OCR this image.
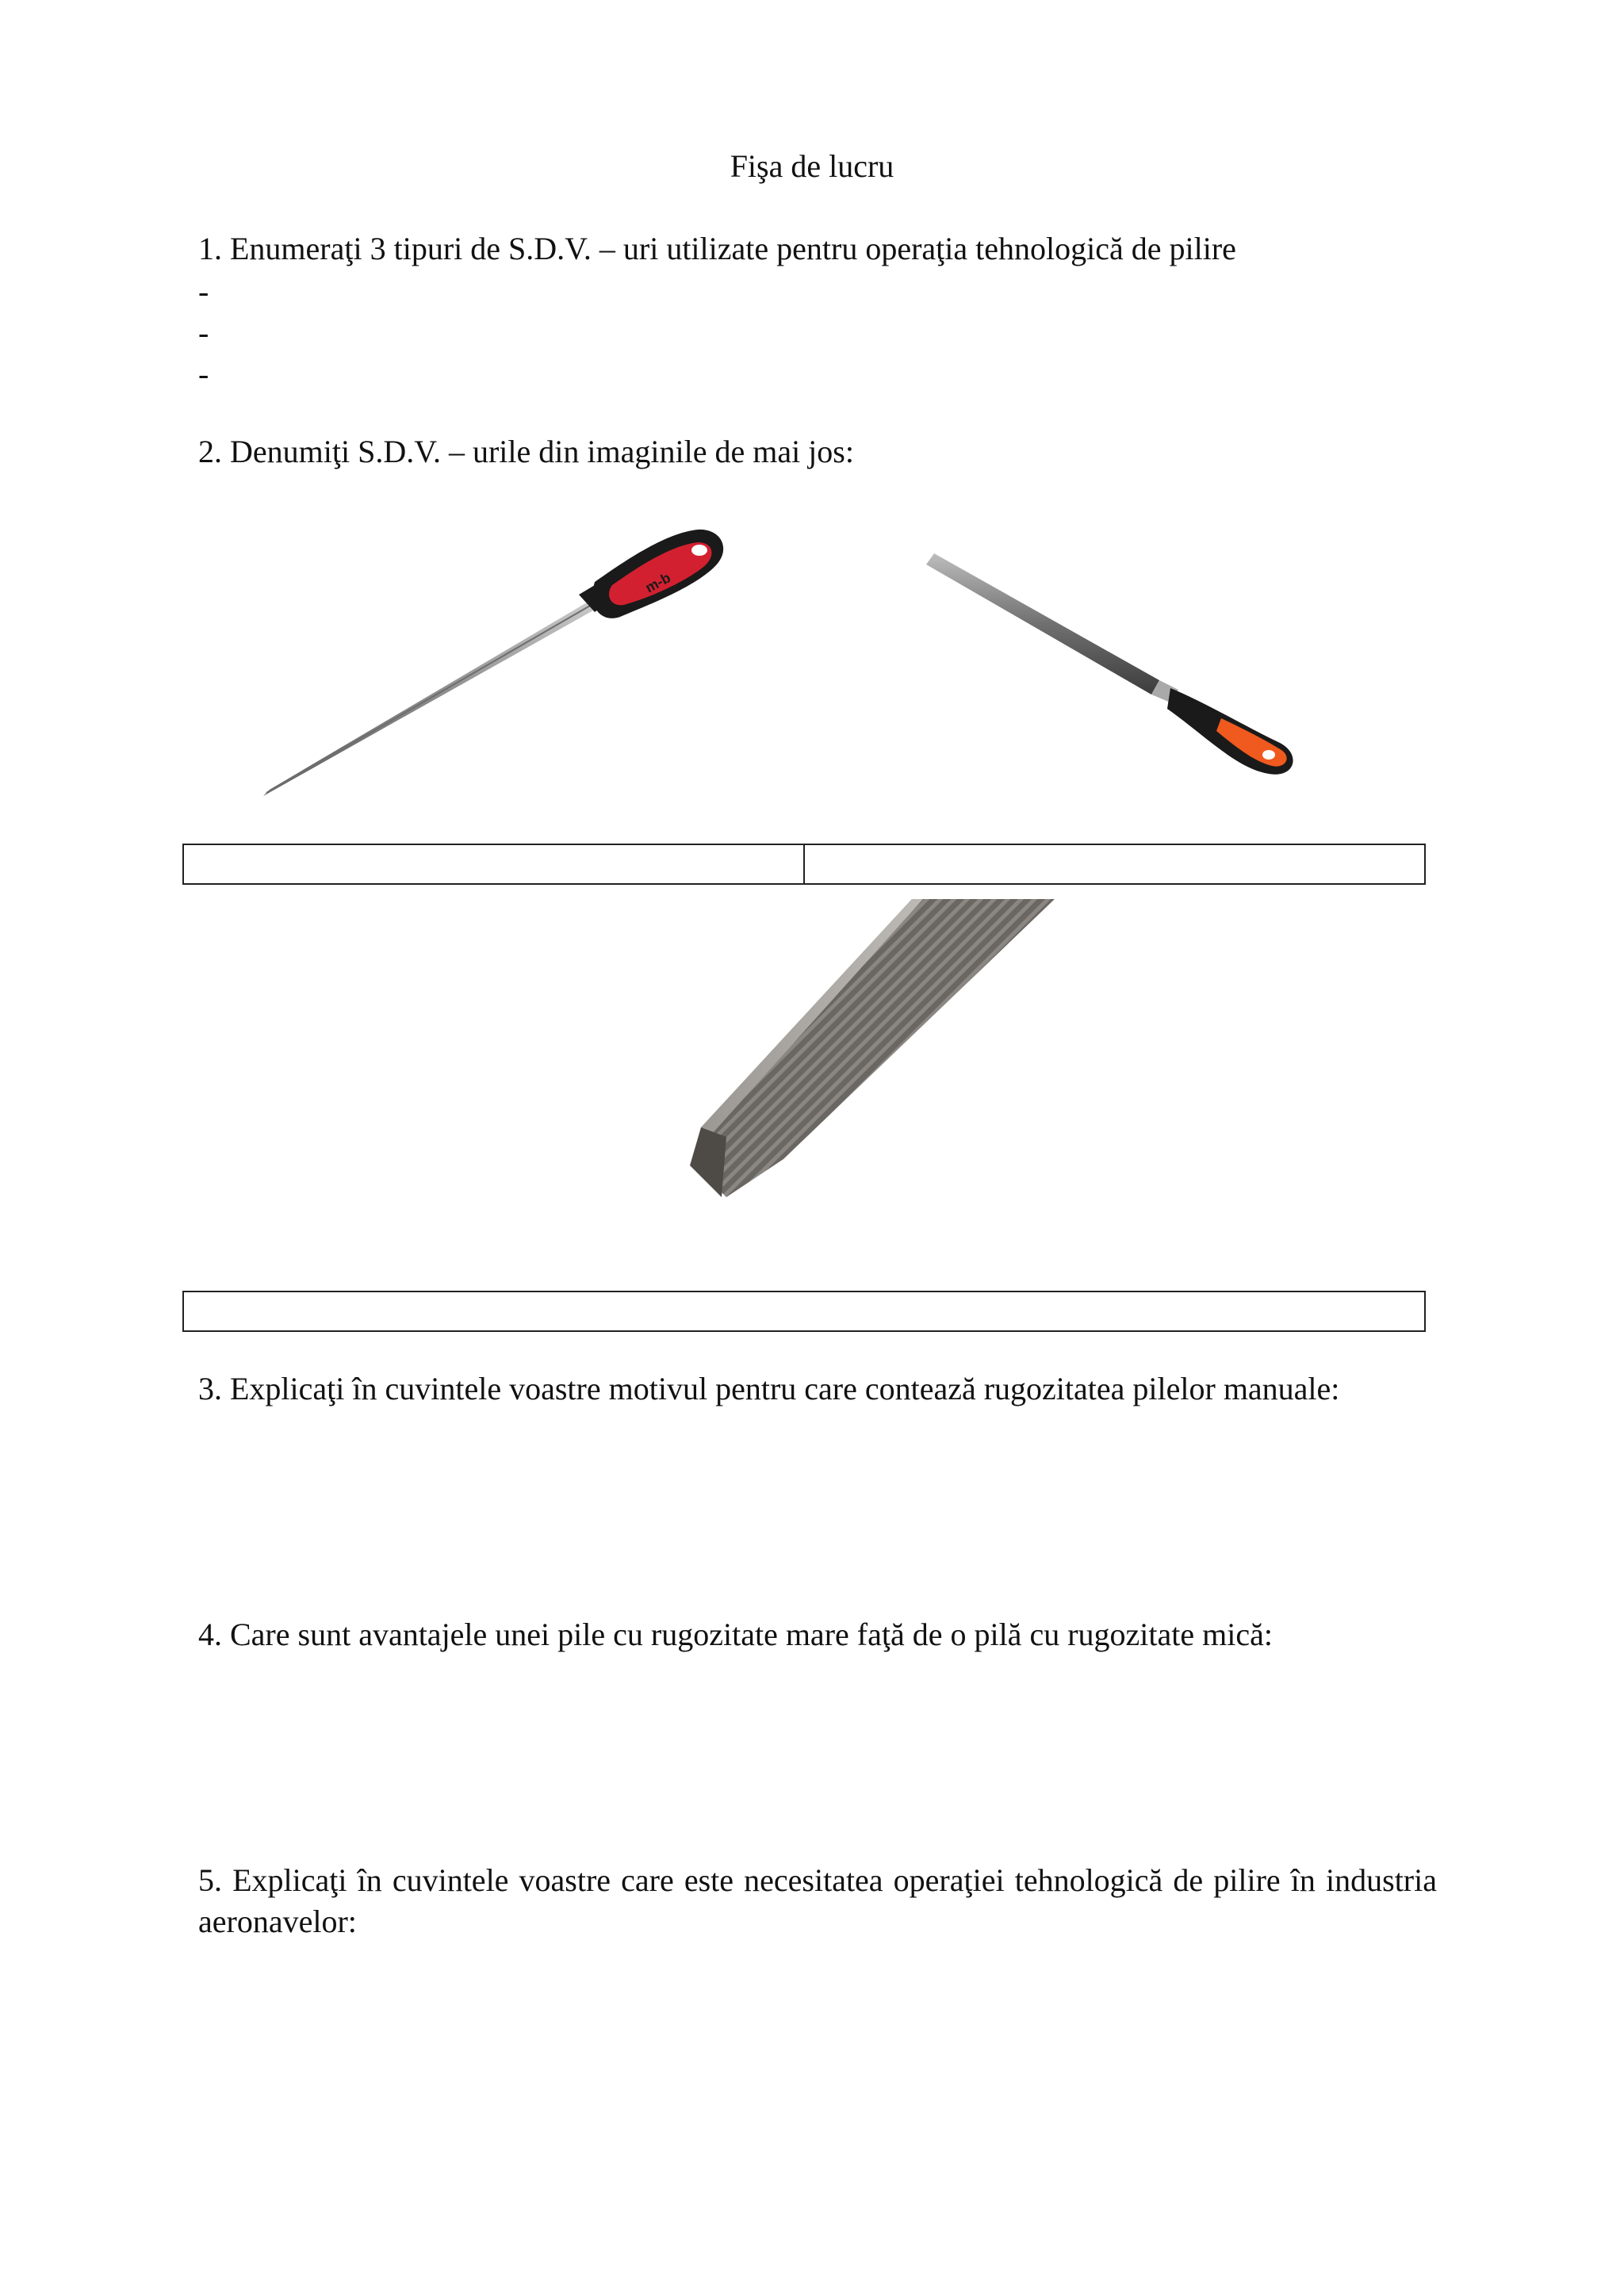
Fişa de lucru
1. Enumeraţi 3 tipuri de S.D.V. – uri utilizate pentru operaţia tehnologică de pilire
-
-
-
2. Denumiţi S.D.V. – urile din imaginile de mai jos:
m-b
3. Explicaţi în cuvintele voastre motivul pentru care contează rugozitatea pilelor manuale:
4. Care sunt avantajele unei pile cu rugozitate mare faţă de o pilă cu rugozitate mică:
5. Explicaţi în cuvintele voastre care este necesitatea operaţiei tehnologică de pilire în industria aeronavelor:
